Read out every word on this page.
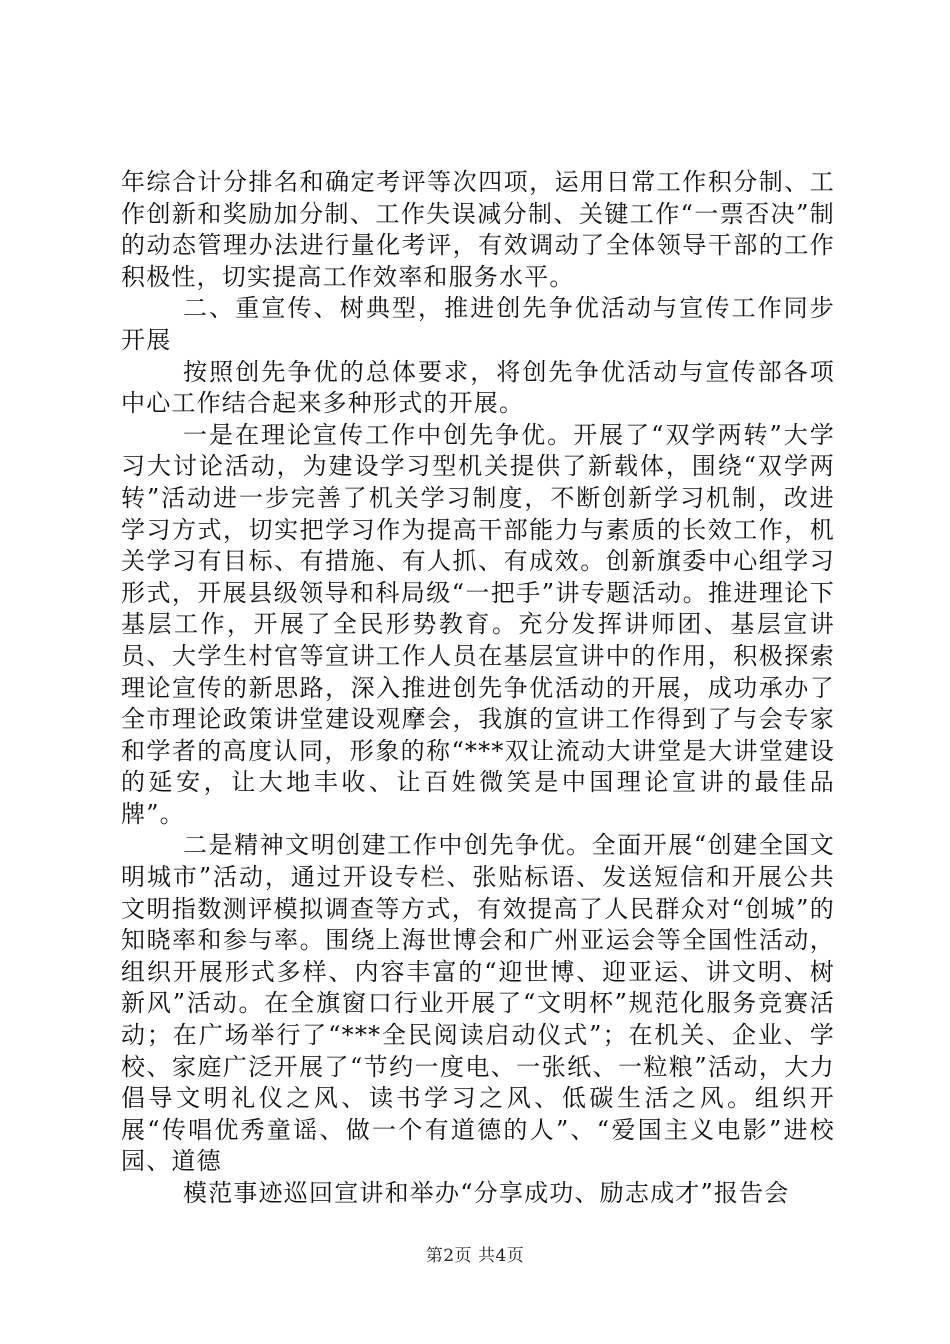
年综合计分排名和确定考评等次四项，运用日常工作积分制、工作创新和奖励加分制、工作失误减分制、关键工作“一票否决”制的动态管理办法进行量化考评，有效调动了全体领导干部的工作积极性，切实提高工作效率和服务水平。

二、重宣传、树典型，推进创先争优活动与宣传工作同步开展

按照创先争优的总体要求，将创先争优活动与宣传部各项中心工作结合起来多种形式的开展。

一是在理论宣传工作中创先争优。开展了“双学两转”大学习大讨论活动，为建设学习型机关提供了新载体，围绕“双学两转”活动进一步完善了机关学习制度，不断创新学习机制，改进学习方式，切实把学习作为提高干部能力与素质的长效工作，机关学习有目标、有措施、有人抓、有成效。创新旗委中心组学习形式，开展县级领导和科局级“一把手”讲专题活动。推进理论下基层工作，开展了全民形势教育。充分发挥讲师团、基层宣讲员、大学生村官等宣讲工作人员在基层宣讲中的作用，积极探索理论宣传的新思路，深入推进创先争优活动的开展，成功承办了全市理论政策讲堂建设观摩会，我旗的宣讲工作得到了与会专家和学者的高度认同，形象的称“***双让流动大讲堂是大讲堂建设的延安，让大地丰收、让百姓微笑是中国理论宣讲的最佳品牌”。

二是精神文明创建工作中创先争优。全面开展“创建全国文明城市”活动，通过开设专栏、张贴标语、发送短信和开展公共文明指数测评模拟调查等方式，有效提高了人民群众对“创城”的知晓率和参与率。围绕上海世博会和广州亚运会等全国性活动，组织开展形式多样、内容丰富的“迎世博、迎亚运、讲文明、树新风”活动。在全旗窗口行业开展了“文明杯”规范化服务竞赛活动；在广场举行了“***全民阅读启动仪式”；在机关、企业、学校、家庭广泛开展了“节约一度电、一张纸、一粒粮”活动，大力倡导文明礼仪之风、读书学习之风、低碳生活之风。组织开展“传唱优秀童谣、做一个有道德的人”、“爱国主义电影”进校园、道德

模范事迹巡回宣讲和举办“分享成功、励志成才”报告会

第2页 共4页
